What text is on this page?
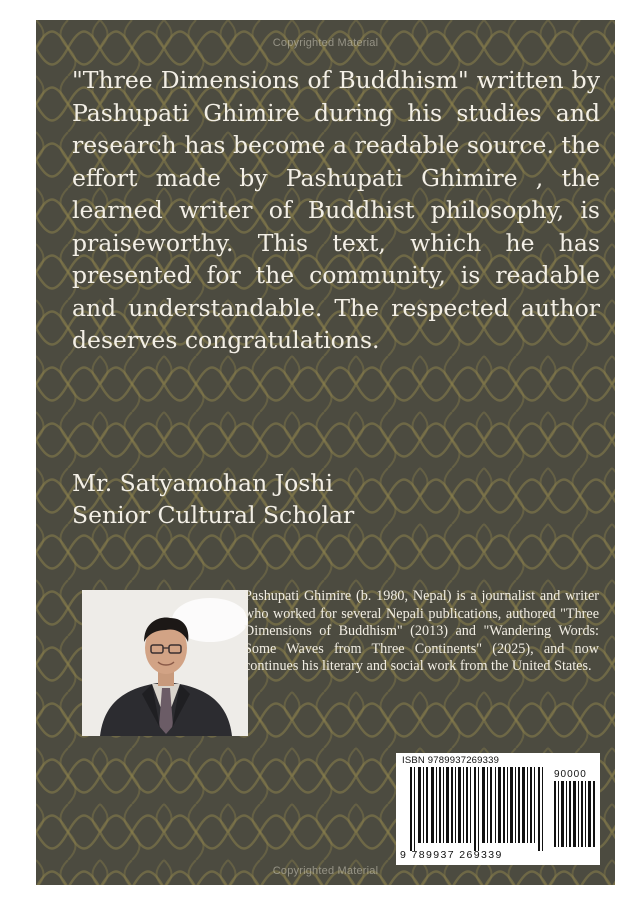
Copyrighted Material
"Three Dimensions of Buddhism" written by Pashupati Ghimire during his studies and research has become a readable source. the effort made by Pashupati Ghimire , the learned writer of Buddhist philosophy, is praiseworthy. This text, which he has presented for the community, is readable and understandable. The respected author deserves congratulations.
Mr. Satyamohan Joshi
Senior Cultural Scholar
Pashupati Ghimire (b. 1980, Nepal) is a journalist and writer who worked for several Nepali publications, authored "Three Dimensions of Buddhism" (2013) and "Wandering Words: Some Waves from Three Continents" (2025), and now continues his literary and social work from the United States.
ISBN 9789937269339
90000
9 789937 269339
Copyrighted Material
